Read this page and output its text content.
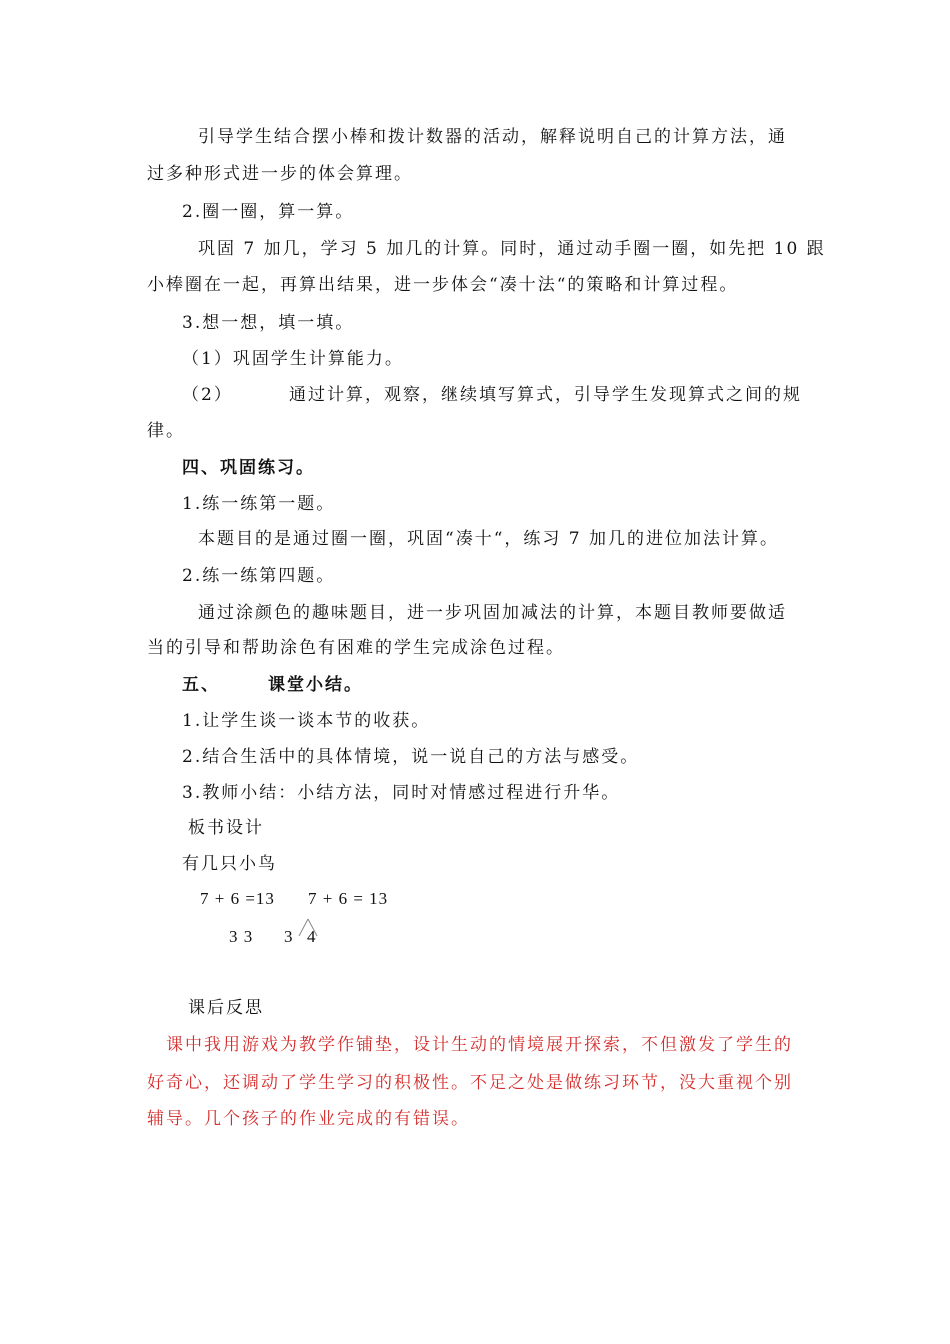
引导学生结合摆小棒和拨计数器的活动，解释说明自己的计算方法，通
过多种形式进一步的体会算理。
2.圈一圈，算一算。
巩固 7 加几，学习 5 加几的计算。同时，通过动手圈一圈，如先把 10 跟
小棒圈在一起，再算出结果，进一步体会“凑十法“的策略和计算过程。
3.想一想，填一填。
（1）巩固学生计算能力。
（2）	通过计算，观察，继续填写算式，引导学生发现算式之间的规
律。
四、巩固练习。
1.练一练第一题。
本题目的是通过圈一圈，巩固“凑十“，练习 7 加几的进位加法计算。
2.练一练第四题。
通过涂颜色的趣味题目，进一步巩固加减法的计算，本题目教师要做适
当的引导和帮助涂色有困难的学生完成涂色过程。
五、	课堂小结。
1.让学生谈一谈本节的收获。
2.结合生活中的具体情境，说一说自己的方法与感受。
3.教师小结：小结方法，同时对情感过程进行升华。
板书设计
有几只小鸟
7 + 6 =13 7 + 6 = 13
3 3 3 4
课后反思
课中我用游戏为教学作铺垫，设计生动的情境展开探索，不但激发了学生的
好奇心，还调动了学生学习的积极性。不足之处是做练习环节，没大重视个别
辅导。几个孩子的作业完成的有错误。
